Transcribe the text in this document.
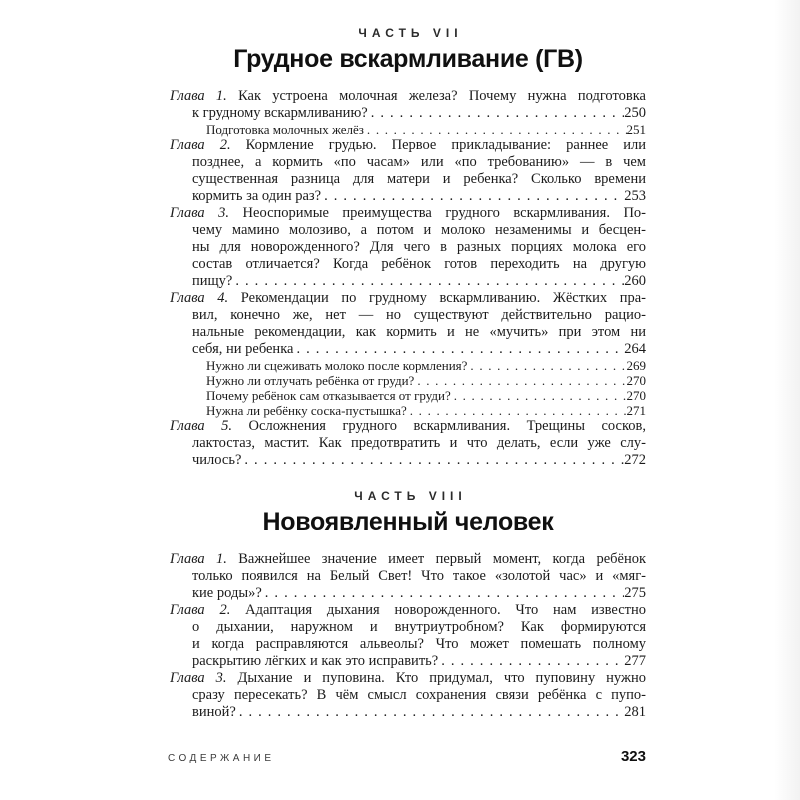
ЧАСТЬ VII
Грудное вскармливание (ГВ)
Глава 1. Как устроена молочная железа? Почему нужна подготовка
к грудному вскармливанию? . . .	250
Подготовка молочных желёз . . .	251
Глава 2. Кормление грудью. Первое прикладывание: раннее или
позднее, а кормить «по часам» или «по требованию» — в чем
существенная разница для матери и ребенка? Сколько времени
кормить за один раз? . . .	253
Глава 3. Неоспоримые преимущества грудного вскармливания. По-
чему мамино молозиво, а потом и молоко незаменимы и бесцен-
ны для новорожденного? Для чего в разных порциях молока его
состав отличается? Когда ребёнок готов переходить на другую
пищу? . . .	260
Глава 4. Рекомендации по грудному вскармливанию. Жёстких пра-
вил, конечно же, нет — но существуют действительно рацио-
нальные рекомендации, как кормить и не «мучить» при этом ни
себя, ни ребенка . . .	264
Нужно ли сцеживать молоко после кормления? . . .	269
Нужно ли отлучать ребёнка от груди? . . .	270
Почему ребёнок сам отказывается от груди? . . .	270
Нужна ли ребёнку соска-пустышка? . . .	271
Глава 5. Осложнения грудного вскармливания. Трещины сосков,
лактостаз, мастит. Как предотвратить и что делать, если уже слу-
чилось? . . .	272
ЧАСТЬ VIII
Новоявленный человек
Глава 1. Важнейшее значение имеет первый момент, когда ребёнок
только появился на Белый Свет! Что такое «золотой час» и «мяг-
кие роды»? . . .	275
Глава 2. Адаптация дыхания новорожденного. Что нам известно
о дыхании, наружном и внутриутробном? Как формируются
и когда расправляются альвеолы? Что может помешать полному
раскрытию лёгких и как это исправить? . . .	277
Глава 3. Дыхание и пуповина. Кто придумал, что пуповину нужно
сразу пересекать? В чём смысл сохранения связи ребёнка с пупо-
виной? . . .	281
СОДЕРЖАНИЕ	323
